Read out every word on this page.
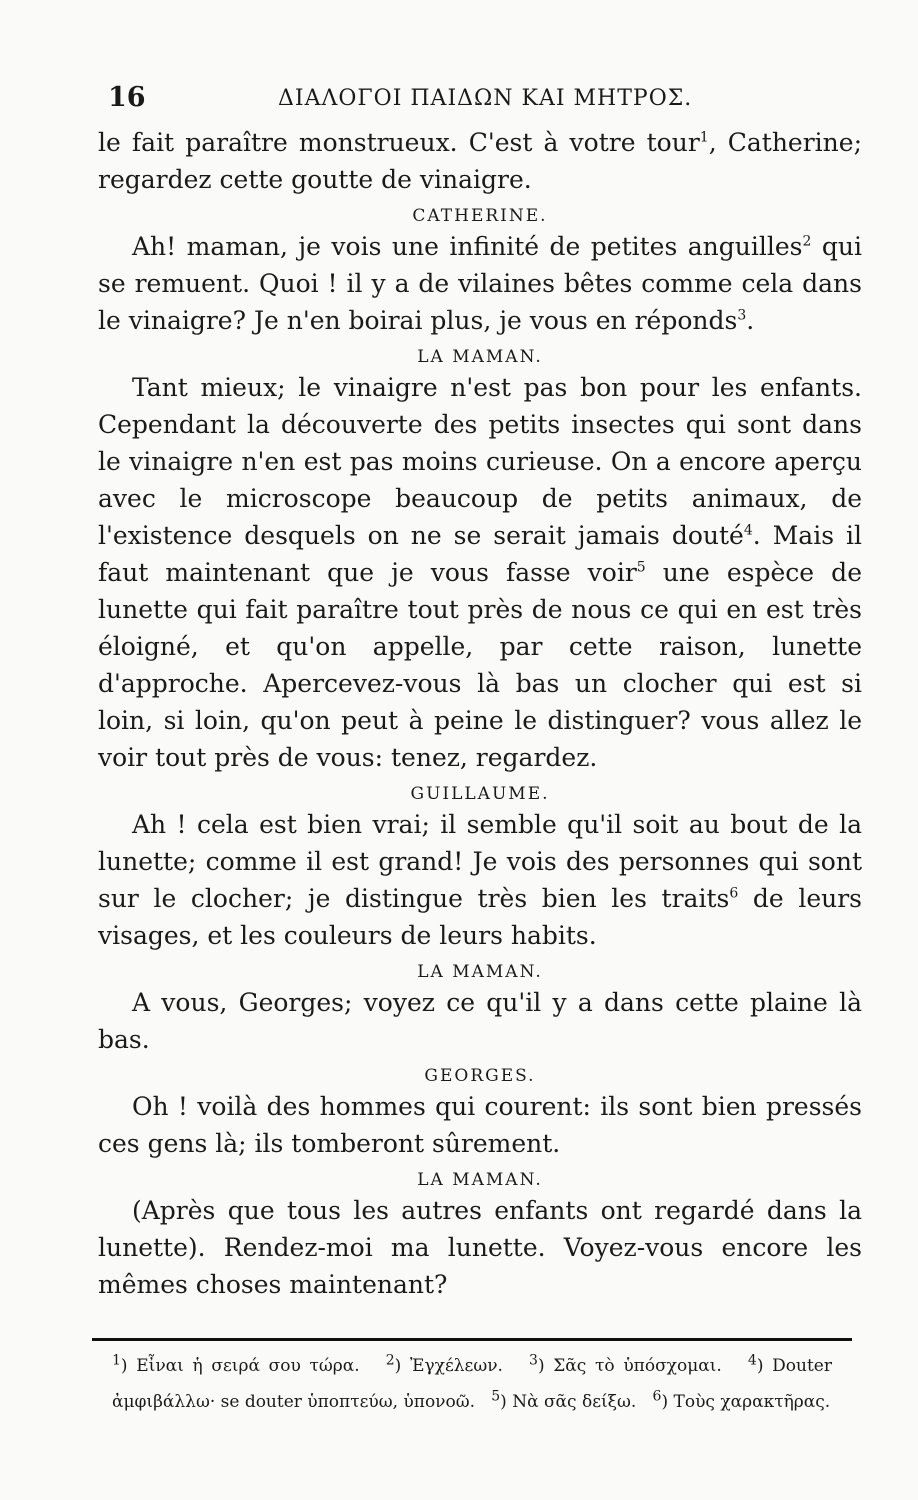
16	ΔΙΑΛΟΓΟΙ ΠΑΙΔΩΝ ΚΑΙ ΜΗΤΡΟΣ.

le fait paraître monstrueux. C'est à votre tour$^1$, Catherine; regardez cette goutte de vinaigre.

CATHERINE.

Ah! maman, je vois une infinité de petites anguilles$^2$ qui se remuent. Quoi ! il y a de vilaines bêtes comme cela dans le vinaigre? Je n'en boirai plus, je vous en réponds$^3$.

LA MAMAN.

Tant mieux; le vinaigre n'est pas bon pour les enfants. Cependant la découverte des petits insectes qui sont dans le vinaigre n'en est pas moins curieuse. On a encore aperçu avec le microscope beaucoup de petits animaux, de l'existence desquels on ne se serait jamais douté$^4$. Mais il faut maintenant que je vous fasse voir$^5$ une espèce de lunette qui fait paraître tout près de nous ce qui en est très éloigné, et qu'on appelle, par cette raison, lunette d'approche. Apercevez-vous là bas un clocher qui est si loin, si loin, qu'on peut à peine le distinguer? vous allez le voir tout près de vous: tenez, regardez.

GUILLAUME.

Ah ! cela est bien vrai; il semble qu'il soit au bout de la lunette; comme il est grand! Je vois des personnes qui sont sur le clocher; je distingue très bien les traits$^6$ de leurs visages, et les couleurs de leurs habits.

LA MAMAN.

A vous, Georges; voyez ce qu'il y a dans cette plaine là bas.

GEORGES.

Oh ! voilà des hommes qui courent: ils sont bien pressés ces gens là; ils tomberont sûrement.

LA MAMAN.

(Après que tous les autres enfants ont regardé dans la lunette). Rendez-moi ma lunette. Voyez-vous encore les mêmes choses maintenant?

$^1$) Εἶναι ἡ σειρά σου τώρα. $^2$) Ἐγχέλεων. $^3$) Σᾶς τὸ ὑπόσχομαι. $^4$) Douter ἀμφιβάλλω· se douter ὑποπτεύω, ὑπονοῶ. $^5$) Νὰ σᾶς δείξω. $^6$) Τοὺς χαρακτῆρας.
